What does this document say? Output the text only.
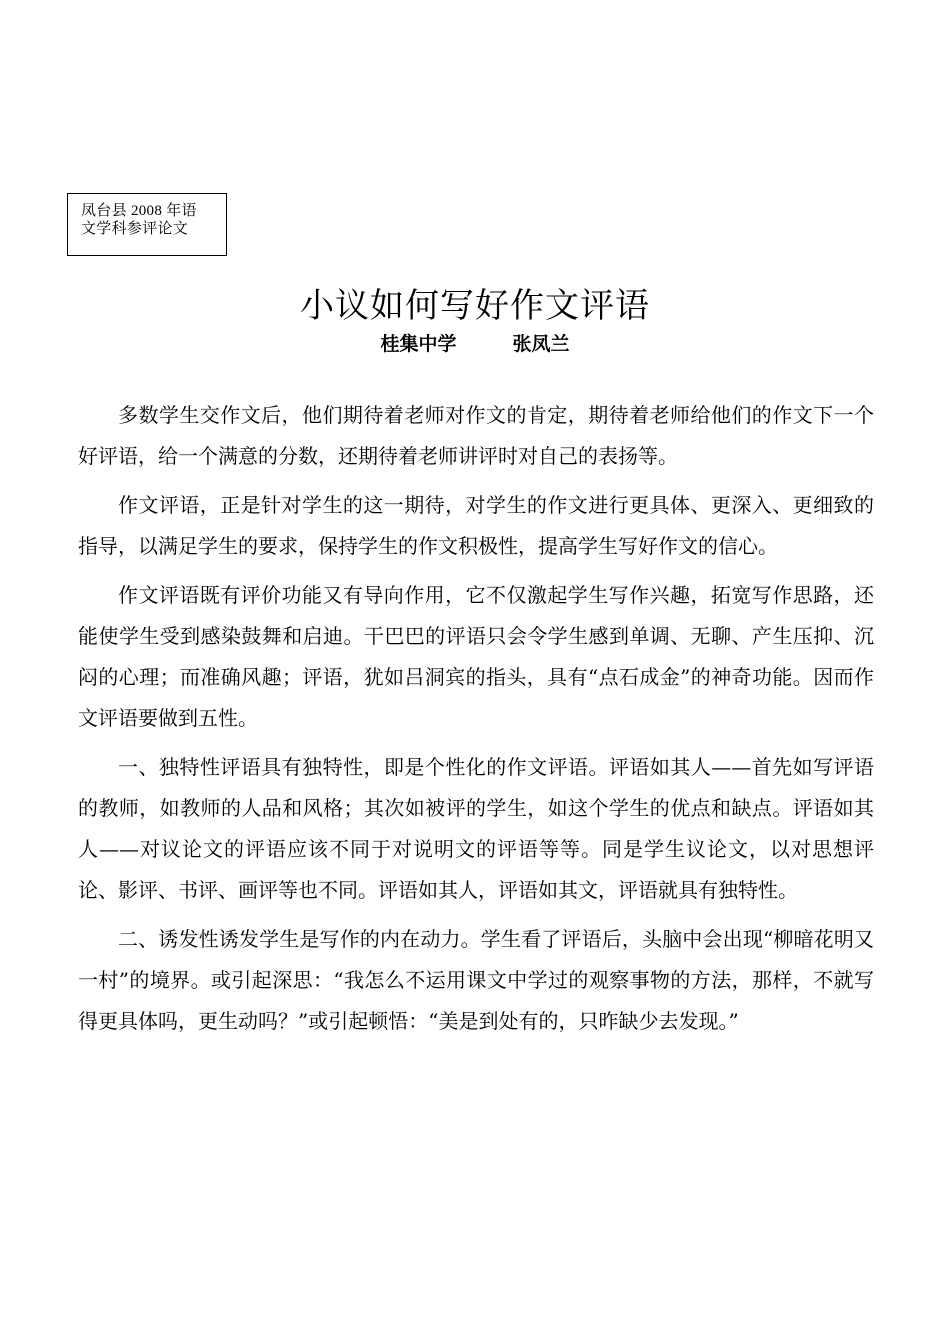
凤台县 2008 年语
文学科参评论文
小议如何写好作文评语
桂集中学	张凤兰

多数学生交作文后，他们期待着老师对作文的肯定，期待着老师给他们的作文下一个好评语，给一个满意的分数，还期待着老师讲评时对自己的表扬等。

作文评语，正是针对学生的这一期待，对学生的作文进行更具体、更深入、更细致的指导，以满足学生的要求，保持学生的作文积极性，提高学生写好作文的信心。

作文评语既有评价功能又有导向作用，它不仅激起学生写作兴趣，拓宽写作思路，还能使学生受到感染鼓舞和启迪。干巴巴的评语只会令学生感到单调、无聊、产生压抑、沉闷的心理；而准确风趣；评语，犹如吕洞宾的指头，具有“点石成金”的神奇功能。因而作文评语要做到五性。

一、独特性评语具有独特性，即是个性化的作文评语。评语如其人——首先如写评语的教师，如教师的人品和风格；其次如被评的学生，如这个学生的优点和缺点。评语如其人——对议论文的评语应该不同于对说明文的评语等等。同是学生议论文，以对思想评论、影评、书评、画评等也不同。评语如其人，评语如其文，评语就具有独特性。

二、诱发性诱发学生是写作的内在动力。学生看了评语后，头脑中会出现“柳暗花明又一村”的境界。或引起深思：“我怎么不运用课文中学过的观察事物的方法，那样，不就写得更具体吗，更生动吗？”或引起顿悟：“美是到处有的，只昨缺少去发现。”
